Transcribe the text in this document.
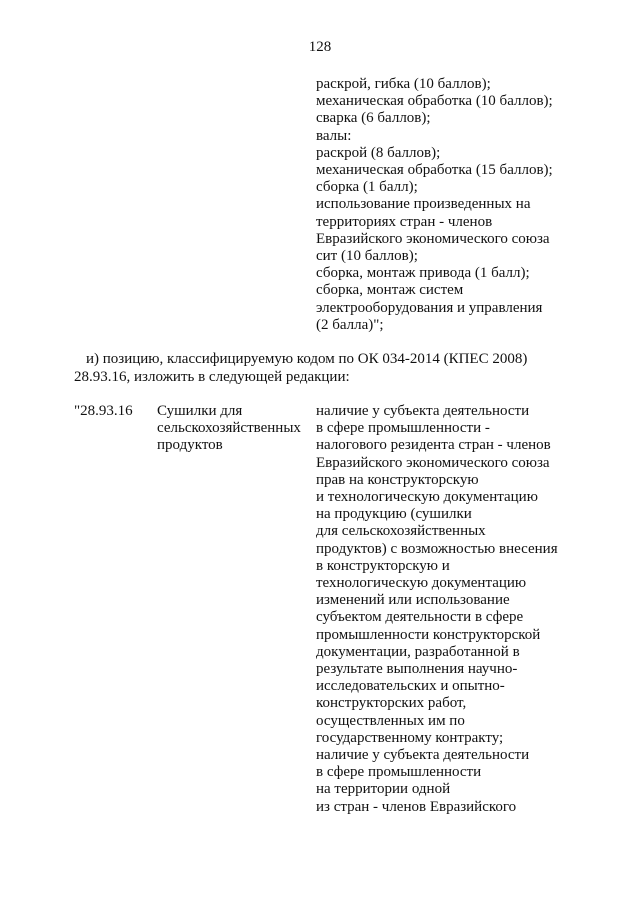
128
раскрой, гибка (10 баллов);
механическая обработка (10 баллов);
сварка (6 баллов);
валы:
раскрой (8 баллов);
механическая обработка (15 баллов);
сборка (1 балл);
использование произведенных на
территориях стран - членов
Евразийского экономического союза
сит (10 баллов);
сборка, монтаж привода (1 балл);
сборка, монтаж систем
электрооборудования и управления
(2 балла)";
и) позицию, классифицируемую кодом по ОК 034-2014 (КПЕС 2008)
28.93.16, изложить в следующей редакции:
"28.93.16 Сушилки для
сельскохозяйственных
продуктов
наличие у субъекта деятельности
в сфере промышленности -
налогового резидента стран - членов
Евразийского экономического союза
прав на конструкторскую
и технологическую документацию
на продукцию (сушилки
для сельскохозяйственных
продуктов) с возможностью внесения
в конструкторскую и
технологическую документацию
изменений или использование
субъектом деятельности в сфере
промышленности конструкторской
документации, разработанной в
результате выполнения научно-
исследовательских и опытно-
конструкторских работ,
осуществленных им по
государственному контракту;
наличие у субъекта деятельности
в сфере промышленности
на территории одной
из стран - членов Евразийского
